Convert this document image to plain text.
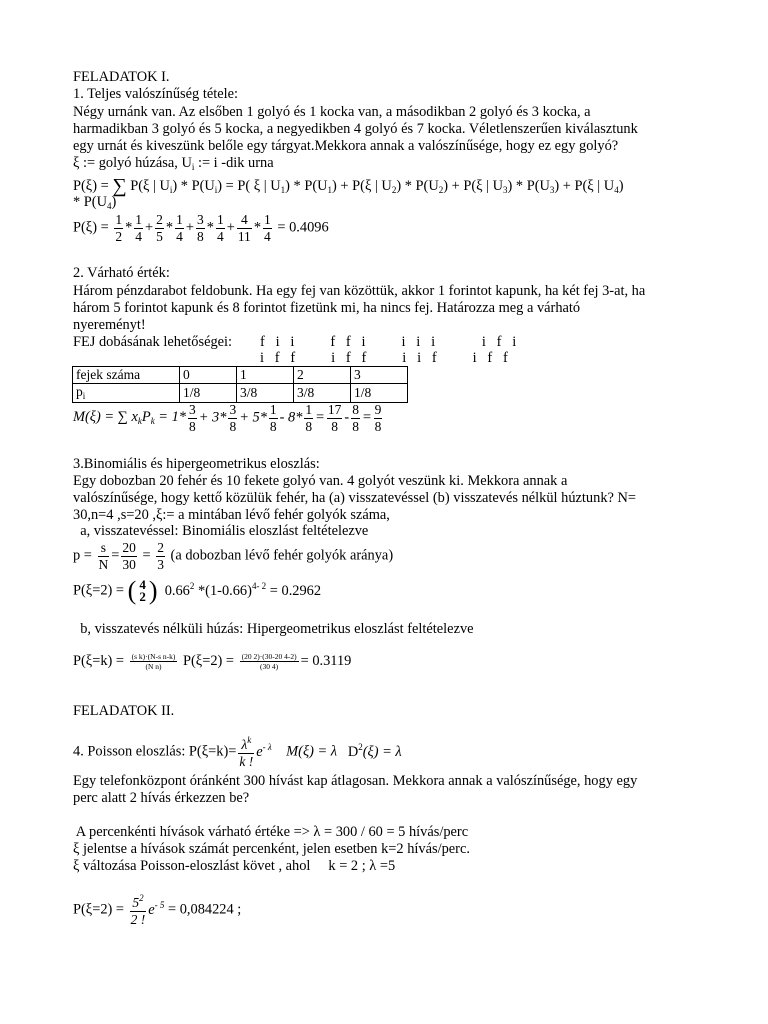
FELADATOK I.
1. Teljes valószínűség tétele:
Négy urnánk van. Az elsőben 1 golyó és 1 kocka van, a másodikban 2 golyó és 3 kocka, a
harmadikban 3 golyó és 5 kocka, a negyedikben 4 golyó és 7 kocka. Véletlenszerűen kiválasztunk
egy urnát és kiveszünk belőle egy tárgyat.Mekkora annak a valószínűsége, hogy ez egy golyó?
ξ := golyó húzása, $U_i$ := i -dik urna
P(ξ) = ∑ P(ξ | $U_i) * P(U_i) = P$( ξ | $U_1) * P(U_1) + P(\xi$ | $U_2) * P(U_2) + P(\xi$ | $U_3) * P(U_3) + P(\xi$ | $U_4$)
* $P(U_4)$
$P(\xi) = \frac{1}{2} * \frac{1}{4} + \frac{2}{5} * \frac{1}{4} + \frac{3}{8} * \frac{1}{4} + \frac{4}{11} * \frac{1}{4} = 0.4096$
2. Várható érték:
Három pénzdarabot feldobunk. Ha egy fej van közöttük, akkor 1 forintot kapunk, ha két fej 3-at, ha
három 5 forintot kapunk és 8 forintot fizetünk mi, ha nincs fej. Határozza meg a várható
nyereményt!
FEJ dobásának lehetőségei: f   i   i          f   f   i          i   i   i             i   f   i
i   f   f          i   f   f          i   i   f          i   f   f
fejek száma	0	1	2	3
$p_i$	1/8	3/8	3/8	1/8
M(ξ) = ∑ $x_kP_k = 1* \frac{3}{8} + 3* \frac{3}{8} + 5* \frac{1}{8} - 8* \frac{1}{8} = \frac{17}{8} - \frac{8}{8} = \frac{9}{8}$
3.Binomiális és hipergeometrikus eloszlás:
Egy dobozban 20 fehér és 10 fekete golyó van. 4 golyót veszünk ki. Mekkora annak a
valószínűsége, hogy kettő közülük fehér, ha (a) visszatevéssel (b) visszatevés nélkül húztunk? N=
30,n=4 ,s=20 ,ξ:= a mintában lévő fehér golyók száma,
a, visszatevéssel: Binomiális eloszlást feltételezve
$p = \frac{s}{N} = \frac{20}{30} = \frac{2}{3} (a$ dobozban lévő fehér golyók aránya)
P(ξ=2) = ( 4
2 ) 0.66$^2$ $*(1-0.66)^{4- 2} = 0.2962$
b, visszatevés nélküli húzás: Hipergeometrikus eloszlást feltételezve
$P(\xi=k) = \frac{\text{(s k)·(N-s n-k)}}{\text{(N n)}} P(\xi=2) = \frac{(20 2)\cdot(30-20 4-2)}{(30 4)} = 0.3119$
FELADATOK II.
4. Poisson eloszlás: $P(\xi=k)= \frac{\lambda^k}{k !} e^{- \lambda}$ M(ξ) = λ $D^2(\xi) = \lambda$
Egy telefonközpont óránként 300 hívást kap átlagosan. Mekkora annak a valószínűsége, hogy egy
perc alatt 2 hívás érkezzen be?
A percenkénti hívások várható értéke => λ = 300 / 60 = 5 hívás/perc
ξ jelentse a hívások számát percenként, jelen esetben k=2 hívás/perc.
ξ változása Poisson-eloszlást követ , ahol     k = 2 ; λ =5
$P(\xi=2) = \frac{5^2}{2 !} e^{- 5} = 0,084224$ ;
